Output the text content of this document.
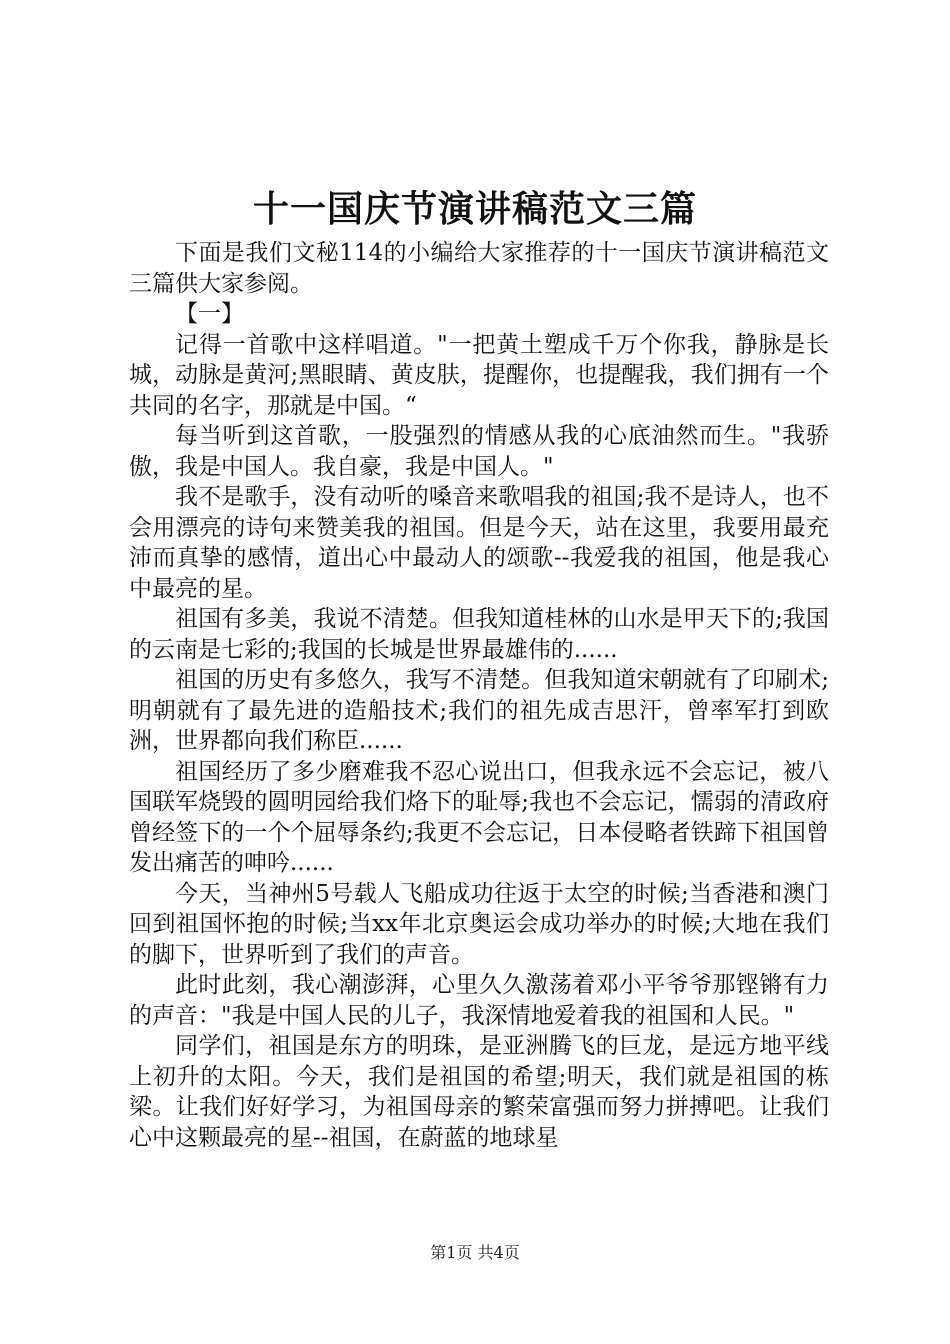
十一国庆节演讲稿范文三篇

下面是我们文秘114的小编给大家推荐的十一国庆节演讲稿范文三篇供大家参阅。

【一】

记得一首歌中这样唱道。"一把黄土塑成千万个你我，静脉是长城，动脉是黄河;黑眼睛、黄皮肤，提醒你，也提醒我，我们拥有一个共同的名字，那就是中国。“

每当听到这首歌，一股强烈的情感从我的心底油然而生。"我骄傲，我是中国人。我自豪，我是中国人。"

我不是歌手，没有动听的嗓音来歌唱我的祖国;我不是诗人，也不会用漂亮的诗句来赞美我的祖国。但是今天，站在这里，我要用最充沛而真挚的感情，道出心中最动人的颂歌--我爱我的祖国，他是我心中最亮的星。

祖国有多美，我说不清楚。但我知道桂林的山水是甲天下的;我国的云南是七彩的;我国的长城是世界最雄伟的......

祖国的历史有多悠久，我写不清楚。但我知道宋朝就有了印刷术;明朝就有了最先进的造船技术;我们的祖先成吉思汗，曾率军打到欧洲，世界都向我们称臣......

祖国经历了多少磨难我不忍心说出口，但我永远不会忘记，被八国联军烧毁的圆明园给我们烙下的耻辱;我也不会忘记，懦弱的清政府曾经签下的一个个屈辱条约;我更不会忘记，日本侵略者铁蹄下祖国曾发出痛苦的呻吟......

今天，当神州5号载人飞船成功往返于太空的时候;当香港和澳门回到祖国怀抱的时候;当xx年北京奥运会成功举办的时候;大地在我们的脚下，世界听到了我们的声音。

此时此刻，我心潮澎湃，心里久久激荡着邓小平爷爷那铿锵有力的声音："我是中国人民的儿子，我深情地爱着我的祖国和人民。"

同学们，祖国是东方的明珠，是亚洲腾飞的巨龙，是远方地平线上初升的太阳。今天，我们是祖国的希望;明天，我们就是祖国的栋梁。让我们好好学习，为祖国母亲的繁荣富强而努力拼搏吧。让我们心中这颗最亮的星--祖国，在蔚蓝的地球星

第1页 共4页
